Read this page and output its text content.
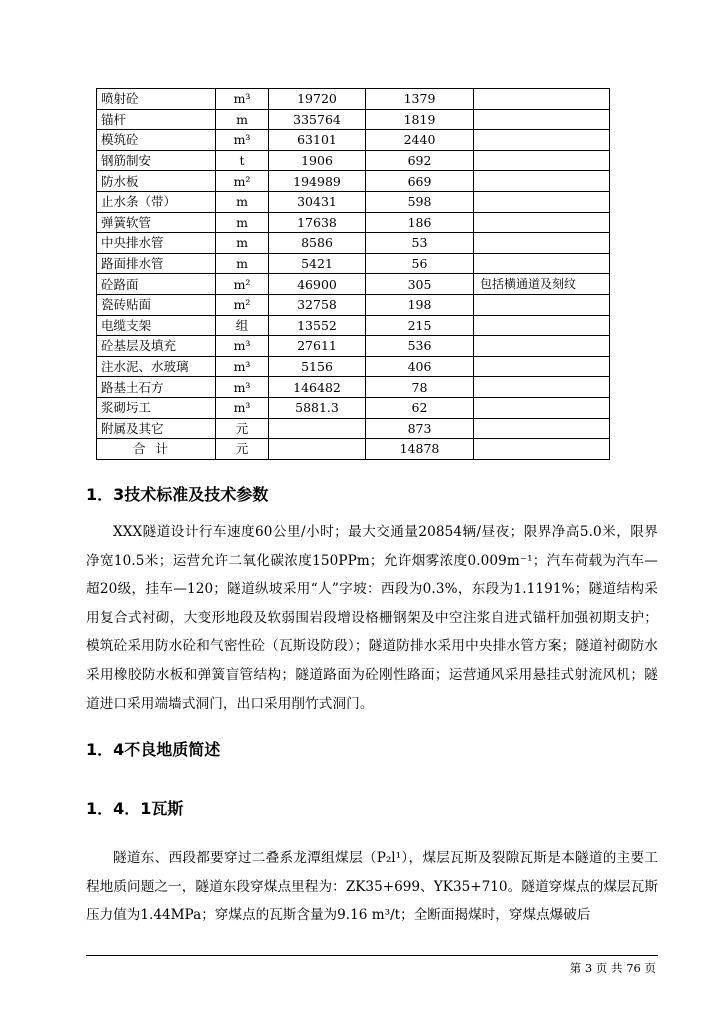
喷射砼	m³	19720	1379	
锚杆	m	335764	1819	
模筑砼	m³	63101	2440	
钢筋制安	t	1906	692	
防水板	m²	194989	669	
止水条（带）	m	30431	598	
弹簧软管	m	17638	186	
中央排水管	m	8586	53	
路面排水管	m	5421	56	
砼路面	m²	46900	305	包括横通道及刻纹
瓷砖贴面	m²	32758	198	
电缆支架	组	13552	215	
砼基层及填充	m³	27611	536	
注水泥、水玻璃	m³	5156	406	
路基土石方	m³	146482	78	
浆砌圬工	m³	5881.3	62	
附属及其它	元		873	
合计	元		14878	
1．3技术标准及技术参数

XXX隧道设计行车速度60公里/小时；最大交通量20854辆/昼夜；限界净高5.0米，限界净宽10.5米；运营允许二氧化碳浓度150PPm；允许烟雾浓度0.009m⁻¹；汽车荷载为汽车—超20级，挂车—120；隧道纵坡采用“人”字坡：西段为0.3%，东段为1.1191%；隧道结构采用复合式衬砌，大变形地段及软弱围岩段增设格栅钢架及中空注浆自进式锚杆加强初期支护；模筑砼采用防水砼和气密性砼（瓦斯设防段）；隧道防排水采用中央排水管方案；隧道衬砌防水采用橡胶防水板和弹簧盲管结构；隧道路面为砼刚性路面；运营通风采用悬挂式射流风机；隧道进口采用端墙式洞门，出口采用削竹式洞门。

1．4不良地质简述
1．4．1瓦斯

隧道东、西段都要穿过二叠系龙潭组煤层（P₂l¹），煤层瓦斯及裂隙瓦斯是本隧道的主要工程地质问题之一，隧道东段穿煤点里程为：ZK35+699、YK35+710。隧道穿煤点的煤层瓦斯压力值为1.44MPa；穿煤点的瓦斯含量为9.16 m³/t；全断面揭煤时，穿煤点爆破后

第 3 页 共 76 页
